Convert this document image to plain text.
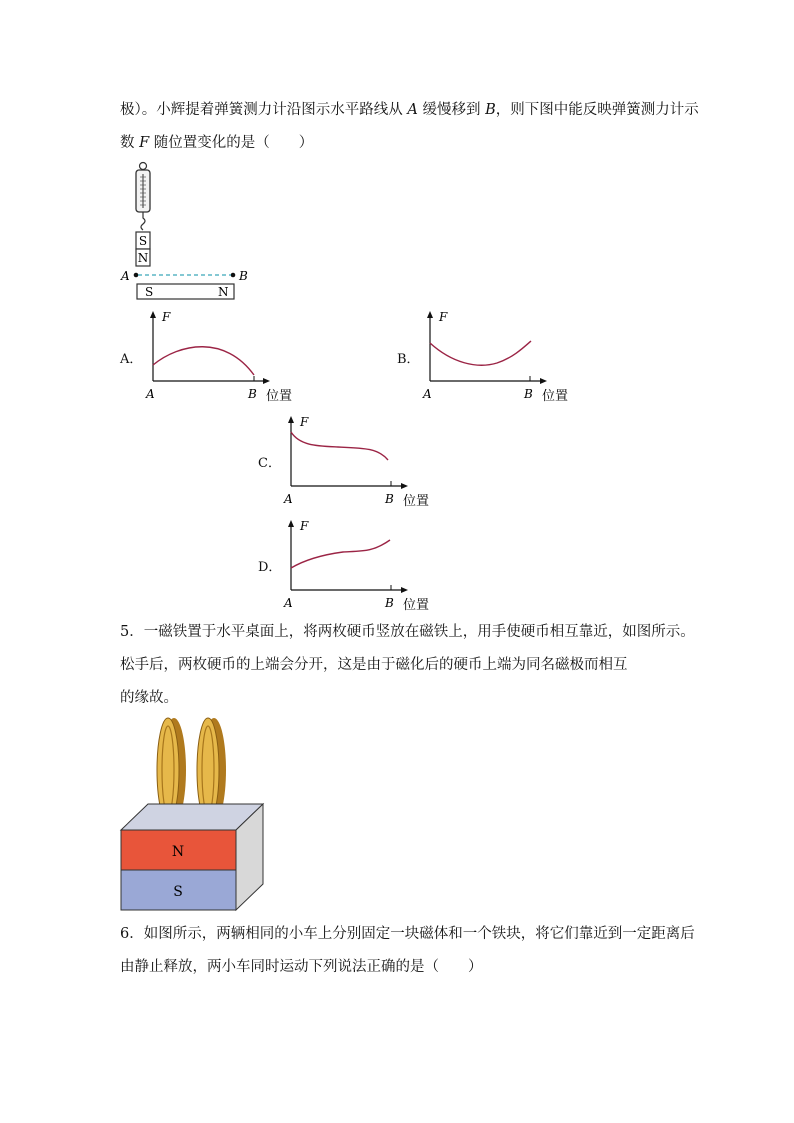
极）。小辉提着弹簧测力计沿图示水平路线从 A 缓慢移到 B，则下图中能反映弹簧测力计示
数 F 随位置变化的是（　　）
S
N
A	B
S	N
A．
F
A	B 位置
B．
F
A	B 位置
C．
F
A	B 位置
D．
F
A	B 位置
5．一磁铁置于水平桌面上，将两枚硬币竖放在磁铁上，用手使硬币相互靠近，如图所示。
松手后，两枚硬币的上端会分开，这是由于磁化后的硬币上端为同名磁极而相互
的缘故。
N
S
6．如图所示，两辆相同的小车上分别固定一块磁体和一个铁块，将它们靠近到一定距离后
由静止释放，两小车同时运动下列说法正确的是（　　）
